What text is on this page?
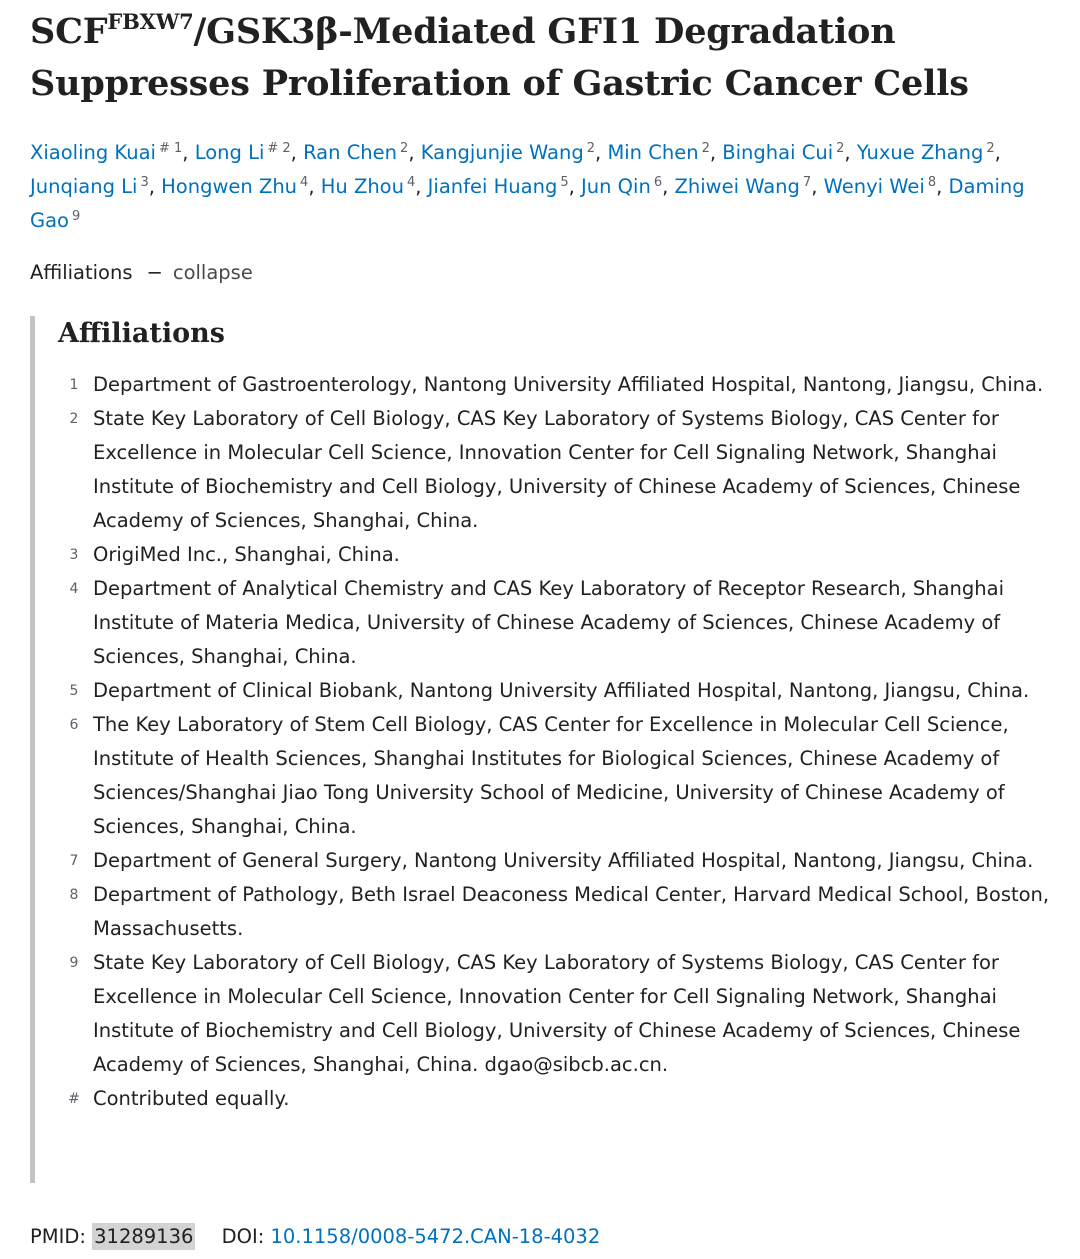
$SCF^{FBXW7}/GSK3\beta$-Mediated GFI1 Degradation Suppresses Proliferation of Gastric Cancer Cells
Xiaoling Kuai $^{\# 1}$, Long Li $^{\# 2}$, Ran Chen $^2$, Kangjunjie Wang $^2$, Min Chen $^2$, Binghai Cui $^2$, Yuxue Zhang $^2$, Junqiang Li $^3$, Hongwen Zhu $^4$, Hu Zhou $^4$, Jianfei Huang $^5$, Jun Qin $^6$, Zhiwei Wang $^7$, Wenyi Wei $^8$, Daming Gao $^9$
Affiliations − collapse
Affiliations
1 Department of Gastroenterology, Nantong University Affiliated Hospital, Nantong, Jiangsu, China.
2 State Key Laboratory of Cell Biology, CAS Key Laboratory of Systems Biology, CAS Center for Excellence in Molecular Cell Science, Innovation Center for Cell Signaling Network, Shanghai Institute of Biochemistry and Cell Biology, University of Chinese Academy of Sciences, Chinese Academy of Sciences, Shanghai, China.
3 OrigiMed Inc., Shanghai, China.
4 Department of Analytical Chemistry and CAS Key Laboratory of Receptor Research, Shanghai Institute of Materia Medica, University of Chinese Academy of Sciences, Chinese Academy of Sciences, Shanghai, China.
5 Department of Clinical Biobank, Nantong University Affiliated Hospital, Nantong, Jiangsu, China.
6 The Key Laboratory of Stem Cell Biology, CAS Center for Excellence in Molecular Cell Science, Institute of Health Sciences, Shanghai Institutes for Biological Sciences, Chinese Academy of Sciences/Shanghai Jiao Tong University School of Medicine, University of Chinese Academy of Sciences, Shanghai, China.
7 Department of General Surgery, Nantong University Affiliated Hospital, Nantong, Jiangsu, China.
8 Department of Pathology, Beth Israel Deaconess Medical Center, Harvard Medical School, Boston, Massachusetts.
9 State Key Laboratory of Cell Biology, CAS Key Laboratory of Systems Biology, CAS Center for Excellence in Molecular Cell Science, Innovation Center for Cell Signaling Network, Shanghai Institute of Biochemistry and Cell Biology, University of Chinese Academy of Sciences, Chinese Academy of Sciences, Shanghai, China. dgao@sibcb.ac.cn.
# Contributed equally.
PMID: 31289136 DOI: 10.1158/0008-5472.CAN-18-4032
